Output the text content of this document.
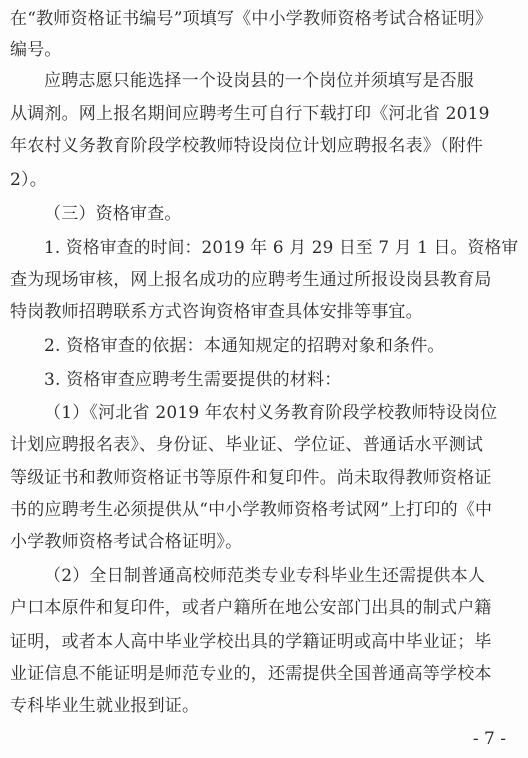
在“教师资格证书编号”项填写《中小学教师资格考试合格证明》
编号。
应聘志愿只能选择一个设岗县的一个岗位并须填写是否服
从调剂。网上报名期间应聘考生可自行下载打印《河北省 2019
年农村义务教育阶段学校教师特设岗位计划应聘报名表》（附件
2）。
（三）资格审查。
1. 资格审查的时间：2019 年 6 月 29 日至 7 月 1 日。资格审
查为现场审核，网上报名成功的应聘考生通过所报设岗县教育局
特岗教师招聘联系方式咨询资格审查具体安排等事宜。
2. 资格审查的依据：本通知规定的招聘对象和条件。
3. 资格审查应聘考生需要提供的材料：
（1）《河北省 2019 年农村义务教育阶段学校教师特设岗位
计划应聘报名表》、身份证、毕业证、学位证、普通话水平测试
等级证书和教师资格证书等原件和复印件。尚未取得教师资格证
书的应聘考生必须提供从“中小学教师资格考试网”上打印的《中
小学教师资格考试合格证明》。
（2）全日制普通高校师范类专业专科毕业生还需提供本人
户口本原件和复印件，或者户籍所在地公安部门出具的制式户籍
证明，或者本人高中毕业学校出具的学籍证明或高中毕业证；毕
业证信息不能证明是师范专业的，还需提供全国普通高等学校本
专科毕业生就业报到证。
- 7 -
